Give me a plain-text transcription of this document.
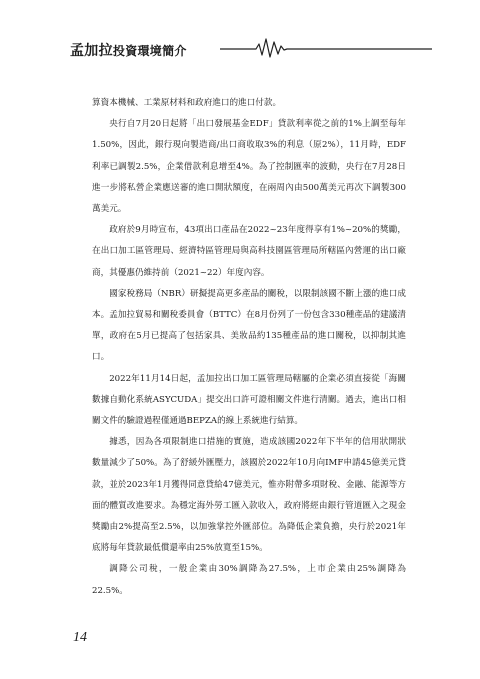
孟加拉投資環境簡介

算資本機械、工業原材料和政府進口的進口付款。

央行自7月20日起將「出口發展基金EDF」貸款利率從之前的1%上調至每年1.50%，因此，銀行現向製造商/出口商收取3%的利息（原2%），11月時，EDF利率已調製2.5%，企業借款利息增至4%。為了控制匯率的波動，央行在7月28日進一步將私營企業應送審的進口開狀額度，在兩周內由500萬美元再次下調製300萬美元。

政府於9月時宣布，43項出口產品在2022~23年度得享有1%~20%的獎勵，在出口加工區管理局、經濟特區管理局與高科技園區管理局所轄區內營運的出口廠商，其優惠仍維持前（2021~22）年度內容。

國家稅務局（NBR）研擬提高更多產品的關稅，以限制該國不斷上漲的進口成本。孟加拉貿易和關稅委員會（BTTC）在8月份列了一份包含330種產品的建議清單，政府在5月已提高了包括家具、美妝品約135種產品的進口關稅，以抑制其進口。

2022年11月14日起，孟加拉出口加工區管理局轄屬的企業必須直接從「海關數據自動化系統ASYCUDA」提交出口許可證相關文件進行清關。過去，進出口相關文件的驗證過程僅通過BEPZA的線上系統進行結算。

據悉，因為各項限制進口措施的實施，造成該國2022年下半年的信用狀開狀數量減少了50%。為了舒緩外匯壓力，該國於2022年10月向IMF申請45億美元貸款，並於2023年1月獲得同意貸給47億美元，惟亦附帶多項財稅、金融、能源等方面的體質改進要求。為穩定海外勞工匯入款收入，政府將經由銀行管道匯入之現金獎勵由2%提高至2.5%，以加強掌控外匯部位。為降低企業負擔，央行於2021年底將每年貸款最低償還率由25%放寬至15%。

調降公司稅，一般企業由30%調降為27.5%，上市企業由25%調降為22.5%。

14
